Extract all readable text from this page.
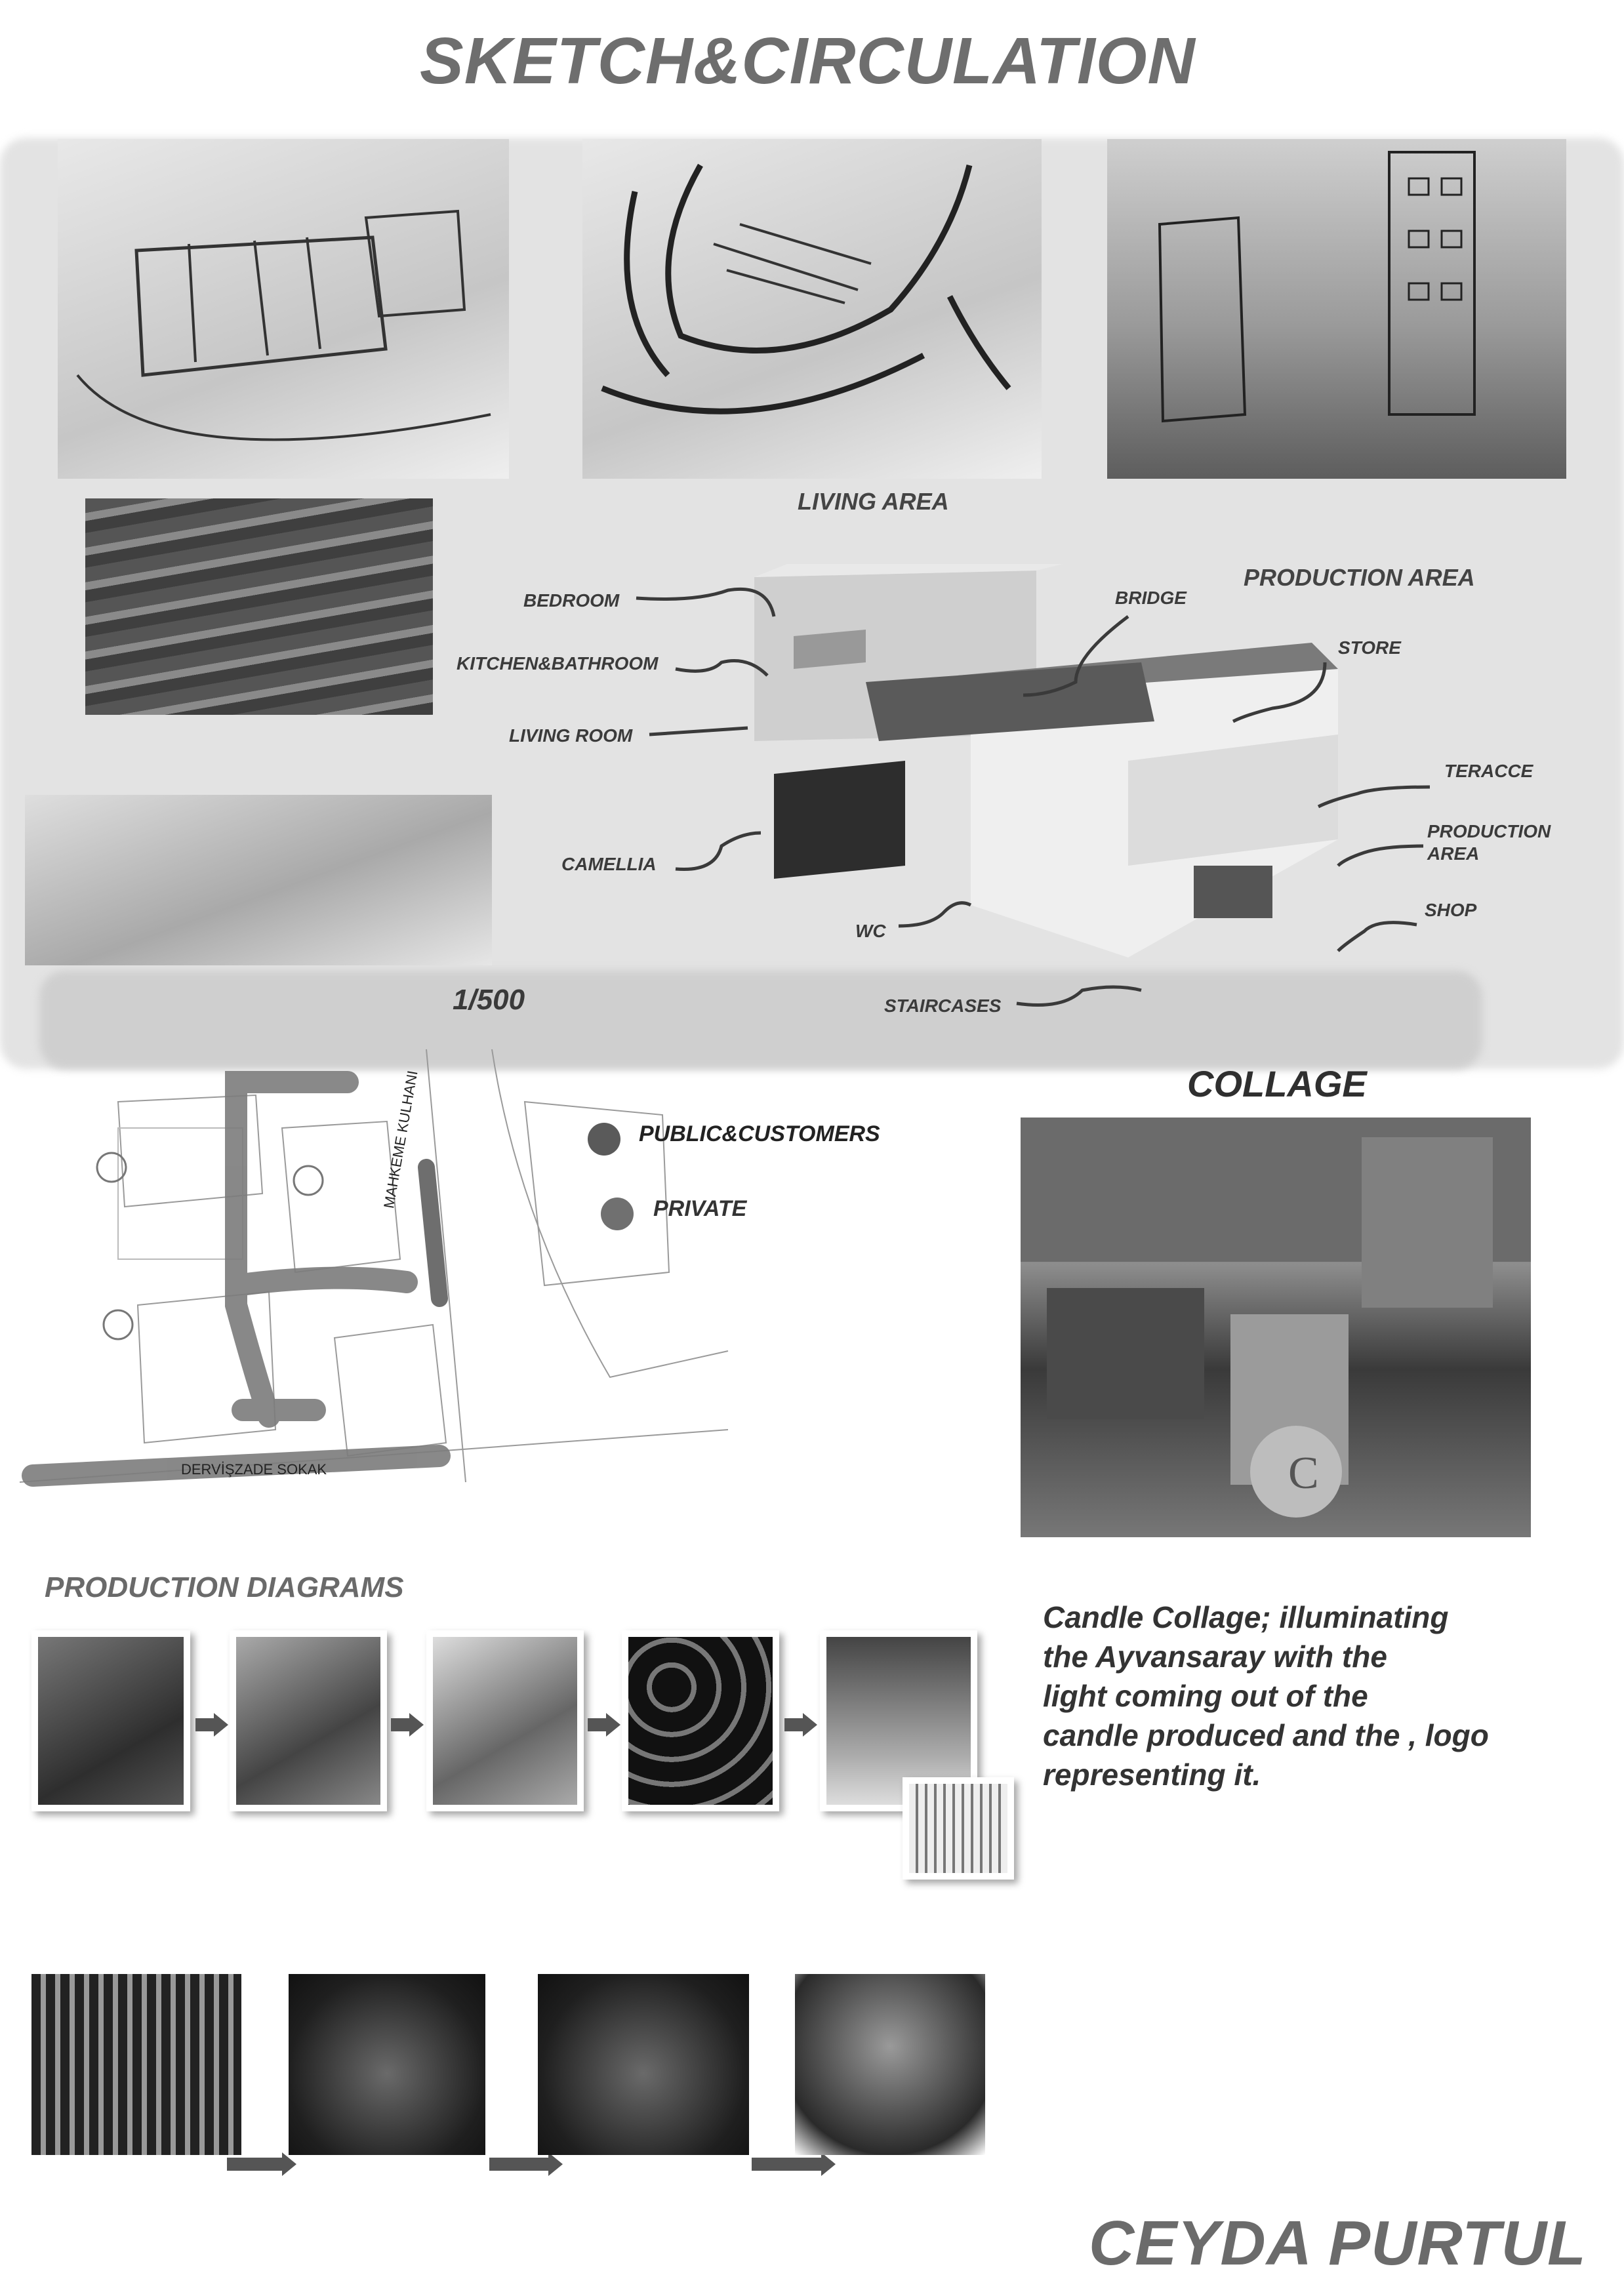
SKETCH&CIRCULATION
LIVING AREA
PRODUCTION AREA
BEDROOM
KITCHEN&BATHROOM
LIVING ROOM
CAMELLIA
WC
STAIRCASES
BRIDGE
STORE
TERACCE
PRODUCTION
AREA
SHOP
1/500
MAHKEME KULHANI
DERVİŞZADE SOKAK
PUBLIC&CUSTOMERS
PRIVATE
COLLAGE
C
PRODUCTION DIAGRAMS
Candle Collage; illuminating
the Ayvansaray with the
light coming out of the
candle produced and the , logo
representing it.
CEYDA PURTUL
